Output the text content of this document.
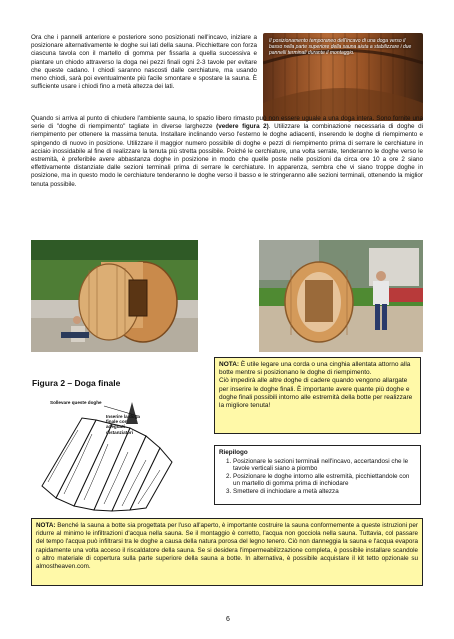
Ora che i pannelli anteriore e posteriore sono posizionati nell'incavo, iniziare a posizionare alternativamente le doghe sui lati della sauna. Picchiettare con forza ciascuna tavola con il martello di gomma per fissarla a quella successiva e piantare un chiodo attraverso la doga nei pezzi finali ogni 2-3 tavole per evitare che queste cadano. I chiodi saranno nascosti dalle cerchiature, ma usando meno chiodi, sarà poi eventualmente più facile smontare e spostare la sauna. È sufficiente usare i chiodi fino a metà altezza dei lati.

Il posizionamento temporaneo dell'incavo di una doga verso il basso nella parte superiore della sauna aiuta a stabilizzare i due pannelli terminali durante il montaggio.

Quando si arriva al punto di chiudere l'ambiente sauna, lo spazio libero rimasto può non essere uguale a una doga intera. Sono fornite una serie di "doghe di riempimento" tagliate in diverse larghezze (vedere figura 2). Utilizzare la combinazione necessaria di doghe di riempimento per ottenere la massima tenuta. Installare inclinando verso l'esterno le doghe adiacenti, inserendo le doghe di riempimento e spingendo di nuovo in posizione. Utilizzare il maggior numero possibile di doghe e pezzi di riempimento prima di serrare le cerchiature in acciaio inossidabile al fine di realizzare la tenuta più stretta possibile. Poiché le cerchiature, una volta serrate, tenderanno le doghe verso le estremità, è preferibile avere abbastanza doghe in posizione in modo che quelle poste nelle posizioni da circa ore 10 a ore 2 siano effettivamente distanziate dalle sezioni terminali prima di serrare le cerchiature. In apparenza, sembra che vi siano troppe doghe in posizione, ma in questo modo le cerchiature tenderanno le doghe verso il basso e le stringeranno alle sezioni terminali, ottenendo la miglior tenuta possibile.

Figura 2 – Doga finale
Sollevare queste doghe
Inserire la doga finale con adeguati distanziatori
NOTA: È utile legare una corda o una cinghia allentata attorno alla botte mentre si posizionano le doghe di riempimento.
Ciò impedirà alle altre doghe di cadere quando vengono allargate per inserire le doghe finali. È importante avere quante più doghe e doghe finali possibili intorno alle estremità della botte per realizzare la migliore tenuta!
Riepilogo
1. Posizionare le sezioni terminali nell'incavo, accertandosi che le tavole verticali siano a piombo
2. Posizionare le doghe intorno alle estremità, picchiettandole con un martello di gomma prima di inchiodare
3. Smettere di inchiodare a metà altezza
NOTA: Benché la sauna a botte sia progettata per l'uso all'aperto, è importante costruire la sauna conformemente a queste istruzioni per ridurre al minimo le infiltrazioni d'acqua nella sauna. Se il montaggio è corretto, l'acqua non gocciola nella sauna. Tuttavia, col passare del tempo l'acqua può infiltrarsi tra le doghe a causa della natura porosa del legno tenero. Ciò non danneggia la sauna e l'acqua evapora rapidamente una volta acceso il riscaldatore della sauna. Se si desidera l'impermeabilizzazione completa, è possibile installare scandole o altro materiale di copertura sulla parte superiore della sauna a botte. In alternativa, è possibile acquistare il kit tetto opzionale su almostheaven.com.
6
